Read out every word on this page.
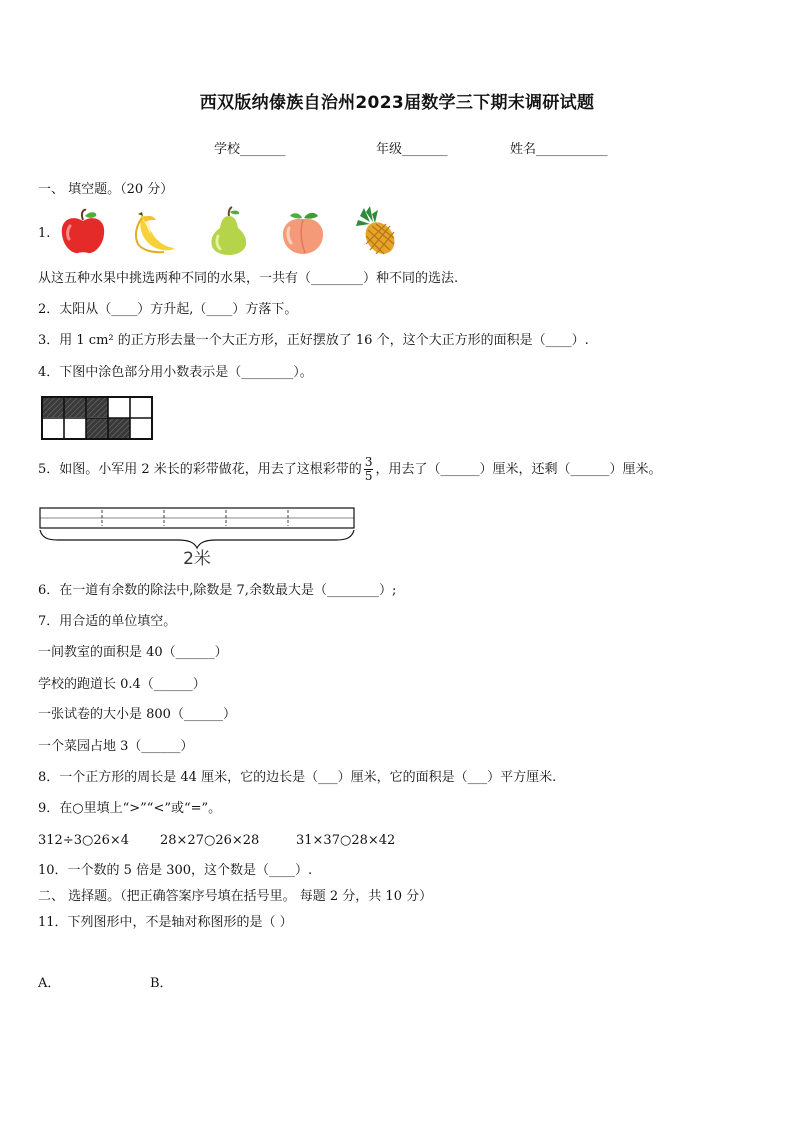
西双版纳傣族自治州2023届数学三下期末调研试题
学校_______	年级_______	姓名___________
一、 填空题。（20 分）
1.
从这五种水果中挑选两种不同的水果，一共有（________）种不同的选法.
2．太阳从（____）方升起,（____）方落下。
3．用 1 cm² 的正方形去量一个大正方形，正好摆放了 16 个，这个大正方形的面积是（____）.
4．下图中涂色部分用小数表示是（________）。
5．如图。小军用 2 米长的彩带做花，用去了这根彩带的 $\frac{3}{5}$ ，用去了（______）厘米，还剩（______）厘米。
2米
6．在一道有余数的除法中,除数是 7,余数最大是（________）;
7．用合适的单位填空。
一间教室的面积是 40（______）
学校的跑道长 0.4（______）
一张试卷的大小是 800（______）
一个菜园占地 3（______）
8．一个正方形的周长是 44 厘米，它的边长是（___）厘米，它的面积是（___）平方厘米.
9．在○里填上“>”“<”或“=”。
312÷3○26×4 28×27○26×28	31×37○28×42
10．一个数的 5 倍是 300，这个数是（____）.
二、 选择题。（把正确答案序号填在括号里。 每题 2 分，共 10 分）
11．下列图形中，不是轴对称图形的是（ ）
A．	B．
